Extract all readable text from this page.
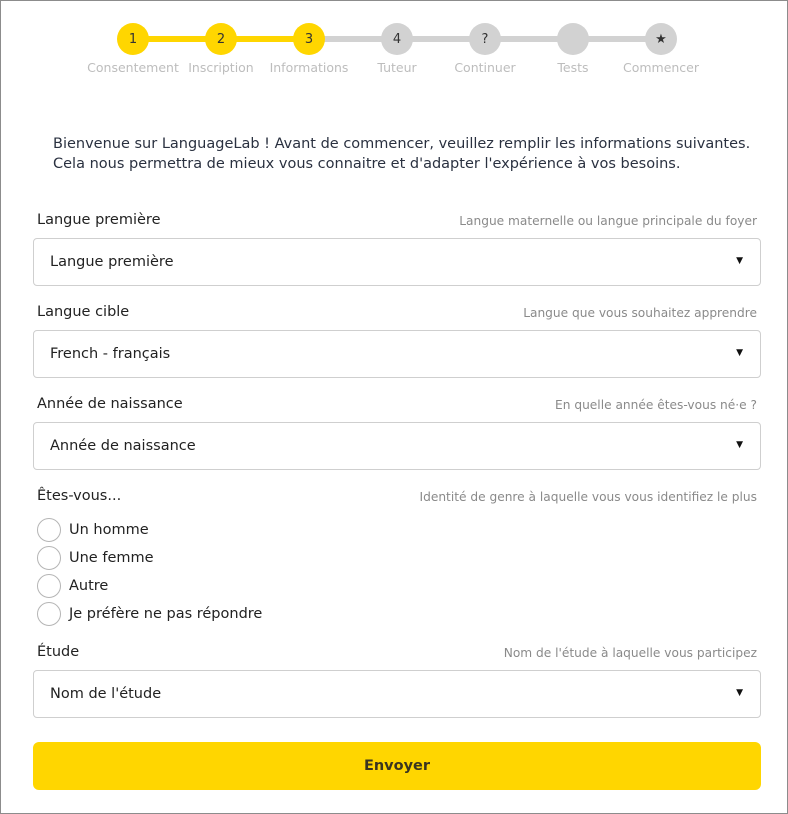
1	2	3	4	?	★
Consentement Inscription	Informations	Tuteur	Continuer	Tests	Commencer

Bienvenue sur LanguageLab ! Avant de commencer, veuillez remplir les informations suivantes.

Cela nous permettra de mieux vous connaitre et d'adapter l'expérience à vos besoins.

Langue première	Langue maternelle ou langue principale du foyer
Langue première	▼
Langue cible	Langue que vous souhaitez apprendre
French - français	▼
Année de naissance	En quelle année êtes-vous né·e ?
Année de naissance	▼
Êtes-vous...	Identité de genre à laquelle vous vous identifiez le plus
Un homme
Une femme
Autre
Je préfère ne pas répondre
Étude	Nom de l'étude à laquelle vous participez
Nom de l'étude	▼
Envoyer
